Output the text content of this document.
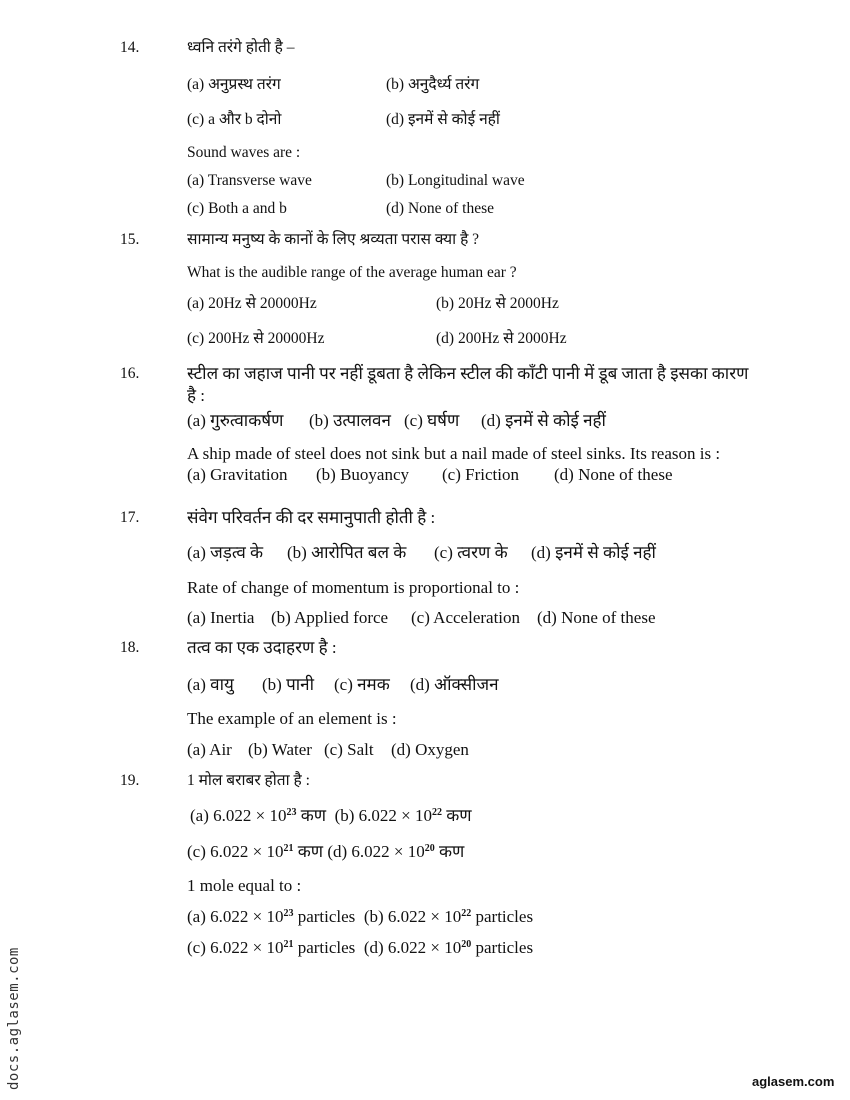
14.	ध्वनि तरंगे होती है –
(a) अनुप्रस्थ तरंग	(b) अनुदैर्ध्य तरंग
(c) a और b दोनो	(d) इनमें से कोई नहीं
Sound waves are :
(a) Transverse wave	(b) Longitudinal wave
(c) Both a and b	(d) None of these
15.	सामान्य मनुष्य के कानों के लिए श्रव्यता परास क्या है ?
What is the audible range of the average human ear ?
(a) 20Hz से 20000Hz	(b) 20Hz से 2000Hz
(c) 200Hz से 20000Hz	(d) 200Hz से 2000Hz
16.	स्टील का जहाज पानी पर नहीं डूबता है लेकिन स्टील की काँटी पानी में डूब जाता है इसका कारण
है :
(a) गुरुत्वाकर्षण (b) उत्पालवन (c) घर्षण (d) इनमें से कोई नहीं
A ship made of steel does not sink but a nail made of steel sinks. Its reason is :
(a) Gravitation (b) Buoyancy (c) Friction (d) None of these
17.	संवेग परिवर्तन की दर समानुपाती होती है :
(a) जड़त्व के (b) आरोपित बल के (c) त्वरण के (d) इनमें से कोई नहीं
Rate of change of momentum is proportional to :
(a) Inertia (b) Applied force (c) Acceleration (d) None of these
18.	तत्व का एक उदाहरण है :
(a) वायु (b) पानी (c) नमक (d) ऑक्सीजन
The example of an element is :
(a) Air (b) Water (c) Salt (d) Oxygen
19.	1 मोल बराबर होता है :
(a) $6.022 \times 10^{23}$ कण (b) $6.022 \times 10^{22}$ कण
(c) $6.022 \times 10^{21}$ कण (d) $6.022 \times 10^{20}$ कण
1 mole equal to :
(a) $6.022 \times 10^{23}$ particles (b) $6.022 \times 10^{22}$ particles
(c) $6.022 \times 10^{21}$ particles (d) $6.022 \times 10^{20}$ particles
docs.aglasem.com	aglasem.com
